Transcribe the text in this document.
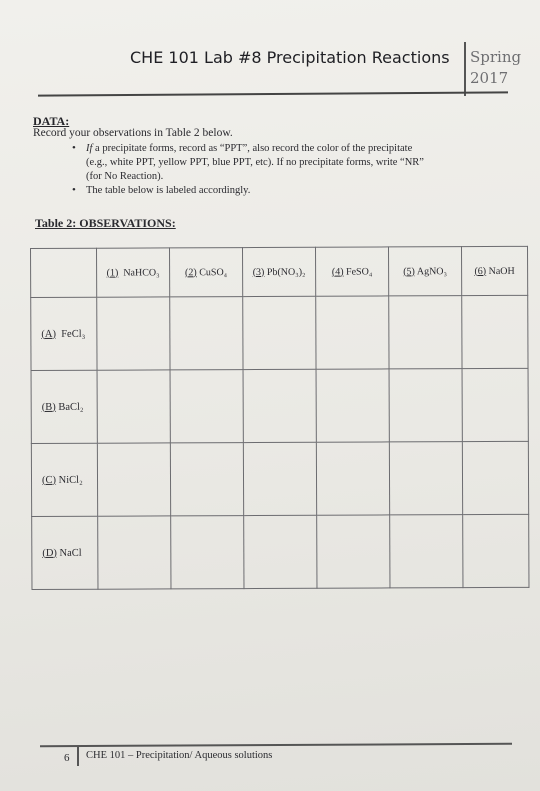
CHE 101 Lab #8 Precipitation Reactions Spring
2017
DATA:
Record your observations in Table 2 below.
• If a precipitate forms, record as “PPT”, also record the color of the precipitate
(e.g., white PPT, yellow PPT, blue PPT, etc). If no precipitate forms, write “NR”
(for No Reaction).
• The table below is labeled accordingly.
Table 2: OBSERVATIONS:
	(1) NaHCO₃	(2) CuSO₄	(3) Pb(NO₃)₂	(4) FeSO₄	(5) AgNO₃	(6) NaOH
(A) FeCl₃						
(B) BaCl₂						
(C) NiCl₂						
(D) NaCl						
6 CHE 101 – Precipitation/ Aqueous solutions
